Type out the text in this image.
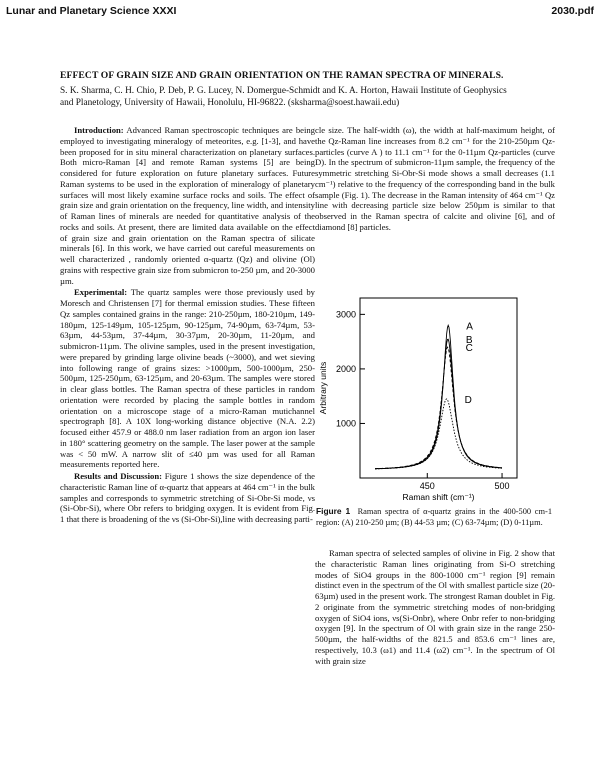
Lunar and Planetary Science XXXI	2030.pdf
EFFECT OF GRAIN SIZE AND GRAIN ORIENTATION ON THE RAMAN SPECTRA OF MINERALS.
S. K. Sharma, C. H. Chio, P. Deb, P. G. Lucey, N. Domergue-Schmidt and K. A. Horton, Hawaii Institute of Geophysics
and Planetology, University of Hawaii, Honolulu, HI-96822. (sksharma@soest.hawaii.edu)

Introduction: Advanced Raman spectroscopic techniques are being employed to investigating mineralogy of meteorites, e.g. [1-3], and have been proposed for in situ mineral characterization on planetary surfaces. Both micro-Raman [4] and remote Raman systems [5] are being considered for future exploration on future planetary surfaces. Future Raman systems to be used in the exploration of mineralogy of planetary surfaces will most likely examine surface rocks and soils. The effect of grain size and grain orientation on the frequency, line width, and intensity of Raman lines of minerals are needed for quantitative analysis of the rocks and soils. At present, there are limited data available on the effect of grain size and grain orientation on the Raman spectra of silicate minerals [6]. In this work, we have carried out careful measurements on well characterized , randomly oriented α-quartz (Qz) and olivine (Ol) grains with respective grain size from submicron to-250 µm, and 20-3000 µm.

Experimental: The quartz samples were those previously used by Moresch and Christensen [7] for thermal emission studies. These fifteen Qz samples contained grains in the range: 210-250µm, 180-210µm, 149-180µm, 125-149µm, 105-125µm, 90-125µm, 74-90µm, 63-74µm, 53-63µm, 44-53µm, 37-44µm, 30-37µm, 20-30µm, 11-20µm, and submicron-11µm. The olivine samples, used in the present investigation, were prepared by grinding large olivine beads (~3000), and wet sieving into following range of grains sizes: >1000µm, 500-1000µm, 250-500µm, 125-250µm, 63-125µm, and 20-63µm. The samples were stored in clear glass bottles. The Raman spectra of these particles in random orientation were recorded by placing the sample bottles in random orientation on a microscope stage of a micro-Raman mutichannel spectrograph [8]. A 10X long-working distance objective (N.A. 2.2) focused either 457.9 or 488.0 nm laser radiation from an argon ion laser in 180° scattering geometry on the sample. The laser power at the sample was < 50 mW. A narrow slit of ≤40 µm was used for all Raman measurements reported here.

Results and Discussion: Figure 1 shows the size dependence of the characteristic Raman line of α-quartz that appears at 464 cm⁻¹ in the bulk samples and corresponds to symmetric stretching of Si-Obr-Si mode, νs (Si-Obr-Si), where Obr refers to bridging oxygen. It is evident from Fig. 1 that there is broadening of the νs (Si-Obr-Si),line with decreasing parti-

cle size. The half-width (ω), the width at half-maximum height, of the Qz-Raman line increases from 8.2 cm⁻¹ for the 210-250µm Qz-particles (curve A ) to 11.1 cm⁻¹ for the 0-11µm Qz-particles (curve D). In the spectrum of submicron-11µm sample, the frequency of the symmetric stretching Si-Obr-Si mode shows a small decreases (1.1 cm⁻¹) relative to the frequency of the corresponding band in the bulk sample (Fig. 1). The decrease in the Raman intensity of 464 cm⁻¹ Qz line with decreasing particle size below 250µm is similar to that observed in the Raman spectra of calcite and olivine [6], and of diamond [8] particles.

1000
2000
3000
450	500
Raman shift (cm⁻¹)
Arbitrary units
A
B
C
D
Figure 1 Raman spectra of α-quartz grains in the 400-500 cm-1 region: (A) 210-250 µm; (B) 44-53 µm; (C) 63-74µm; (D) 0-11µm.

Raman spectra of selected samples of olivine in Fig. 2 show that the characteristic Raman lines originating from Si-O stretching modes of SiO4 groups in the 800-1000 cm⁻¹ region [9] remain distinct even in the spectrum of the Ol with smallest particle size (20-63µm) used in the present work. The strongest Raman doublet in Fig. 2 originate from the symmetric stretching modes of non-bridging oxygen of SiO4 ions, νs(Si-Onbr), where Onbr refer to non-bridging oxygen [9]. In the spectrum of Ol with grain size in the range 250-500µm, the half-widths of the 821.5 and 853.6 cm⁻¹ lines are, respectively, 10.3 (ω1) and 11.4 (ω2) cm⁻¹. In the spectrum of Ol with grain size
